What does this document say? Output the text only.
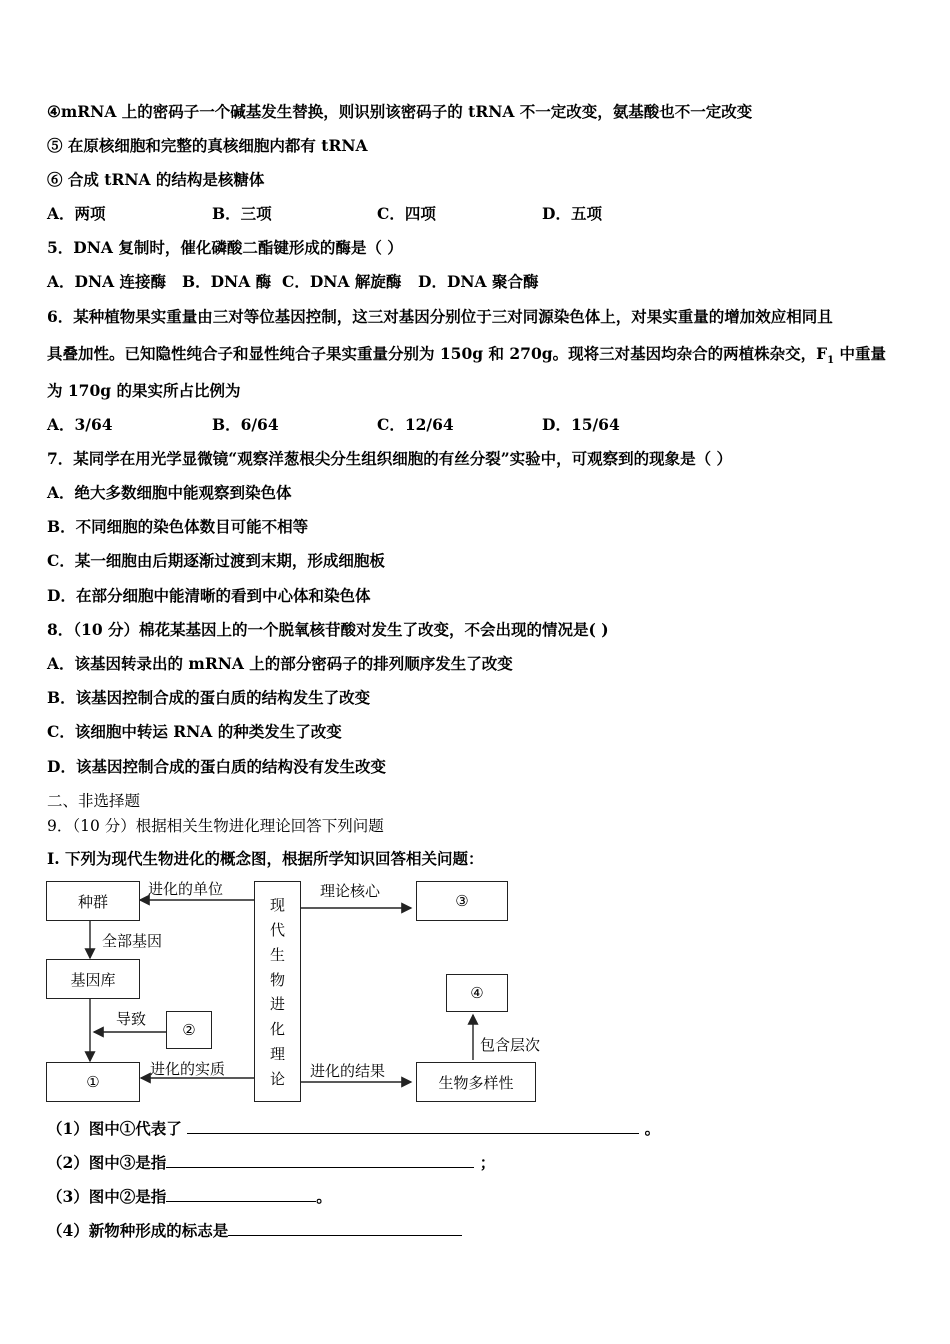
④mRNA 上的密码子一个碱基发生替换，则识别该密码子的 tRNA 不一定改变，氨基酸也不一定改变
⑤ 在原核细胞和完整的真核细胞内都有 tRNA
⑥ 合成 tRNA 的结构是核糖体
A．两项	B．三项	C．四项	D．五项
5．DNA 复制时，催化磷酸二酯键形成的酶是（ ）
A．DNA 连接酶 B．DNA 酶 C．DNA 解旋酶 D．DNA 聚合酶
6．某种植物果实重量由三对等位基因控制，这三对基因分别位于三对同源染色体上，对果实重量的增加效应相同且
具叠加性。已知隐性纯合子和显性纯合子果实重量分别为 150g 和 270g。现将三对基因均杂合的两植株杂交，$F_1$ 中重量
为 170g 的果实所占比例为
A．3/64	B．6/64	C．12/64	D．15/64
7．某同学在用光学显微镜“观察洋葱根尖分生组织细胞的有丝分裂”实验中，可观察到的现象是（ ）
A．绝大多数细胞中能观察到染色体
B．不同细胞的染色体数目可能不相等
C．某一细胞由后期逐渐过渡到末期，形成细胞板
D．在部分细胞中能清晰的看到中心体和染色体
8．（10 分）棉花某基因上的一个脱氧核苷酸对发生了改变，不会出现的情况是( )
A．该基因转录出的 mRNA 上的部分密码子的排列顺序发生了改变
B．该基因控制合成的蛋白质的结构发生了改变
C．该细胞中转运 RNA 的种类发生了改变
D．该基因控制合成的蛋白质的结构没有发生改变
二、非选择题
9．（10 分）根据相关生物进化理论回答下列问题
I. 下列为现代生物进化的概念图，根据所学知识回答相关问题：
种群
基因库
①
②
现
代
生
物
进
化
理
论
③
④
生物多样性
进化的单位
全部基因
导致
进化的实质
理论核心
进化的结果
包含层次
（1）图中①代表了	。
（2）图中③是指	；
（3）图中②是指	。
（4）新物种形成的标志是
